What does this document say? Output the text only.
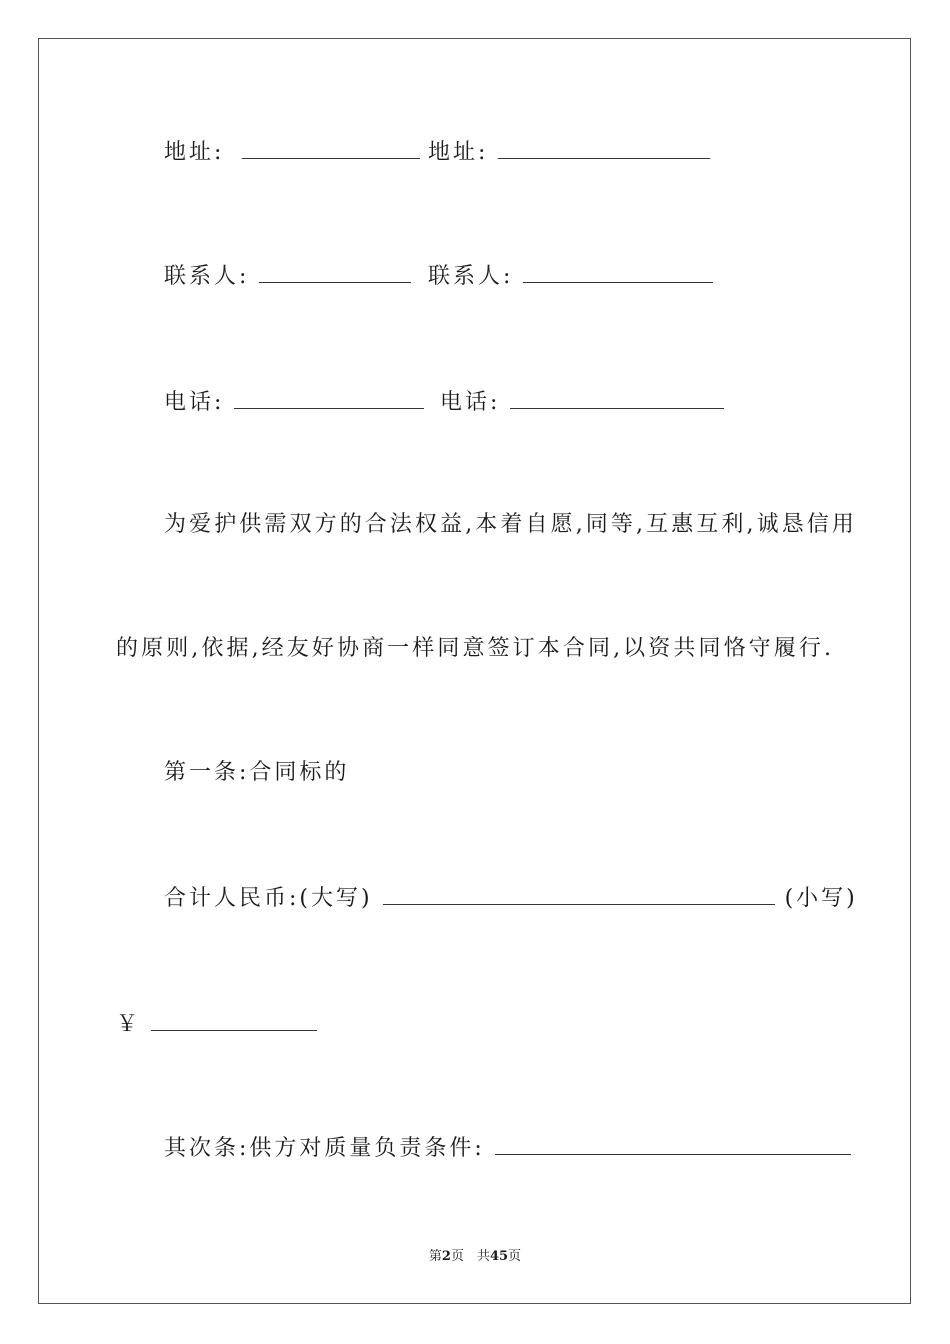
地址:	地址:
联系人:	联系人:
电话:	电话:
为爱护供需双方的合法权益,本着自愿,同等,互惠互利,诚恳信用
的原则,依据,经友好协商一样同意签订本合同,以资共同恪守履行.
第一条:合同标的
合计人民币:(大写)	(小写)
￥
其次条:供方对质量负责条件:
第2页　共45页
